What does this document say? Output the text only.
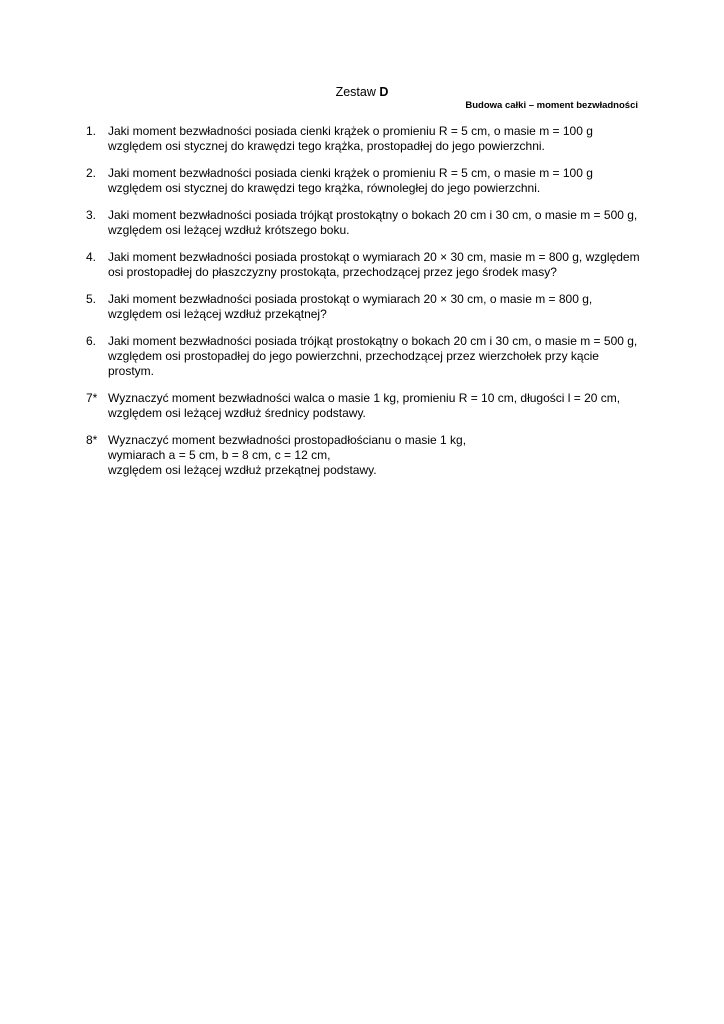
Zestaw D
Budowa całki – moment bezwładności
1. Jaki moment bezwładności posiada cienki krążek o promieniu R = 5 cm, o masie m = 100 g
względem osi stycznej do krawędzi tego krążka, prostopadłej do jego powierzchni.
2. Jaki moment bezwładności posiada cienki krążek o promieniu R = 5 cm, o masie m = 100 g
względem osi stycznej do krawędzi tego krążka, równoległej do jego powierzchni.
3. Jaki moment bezwładności posiada trójkąt prostokątny o bokach 20 cm i 30 cm, o masie m = 500 g,
względem osi leżącej wzdłuż krótszego boku.
4. Jaki moment bezwładności posiada prostokąt o wymiarach 20 × 30 cm, masie m = 800 g, względem
osi prostopadłej do płaszczyzny prostokąta, przechodzącej przez jego środek masy?
5. Jaki moment bezwładności posiada prostokąt o wymiarach 20 × 30 cm, o masie m = 800 g,
względem osi leżącej wzdłuż przekątnej?
6. Jaki moment bezwładności posiada trójkąt prostokątny o bokach 20 cm i 30 cm, o masie m = 500 g,
względem osi prostopadłej do jego powierzchni, przechodzącej przez wierzchołek przy kącie
prostym.
7* Wyznaczyć moment bezwładności walca o masie 1 kg, promieniu R = 10 cm, długości l = 20 cm,
względem osi leżącej wzdłuż średnicy podstawy.
8* Wyznaczyć moment bezwładności prostopadłościanu o masie 1 kg,
wymiarach a = 5 cm, b = 8 cm, c = 12 cm,
względem osi leżącej wzdłuż przekątnej podstawy.
